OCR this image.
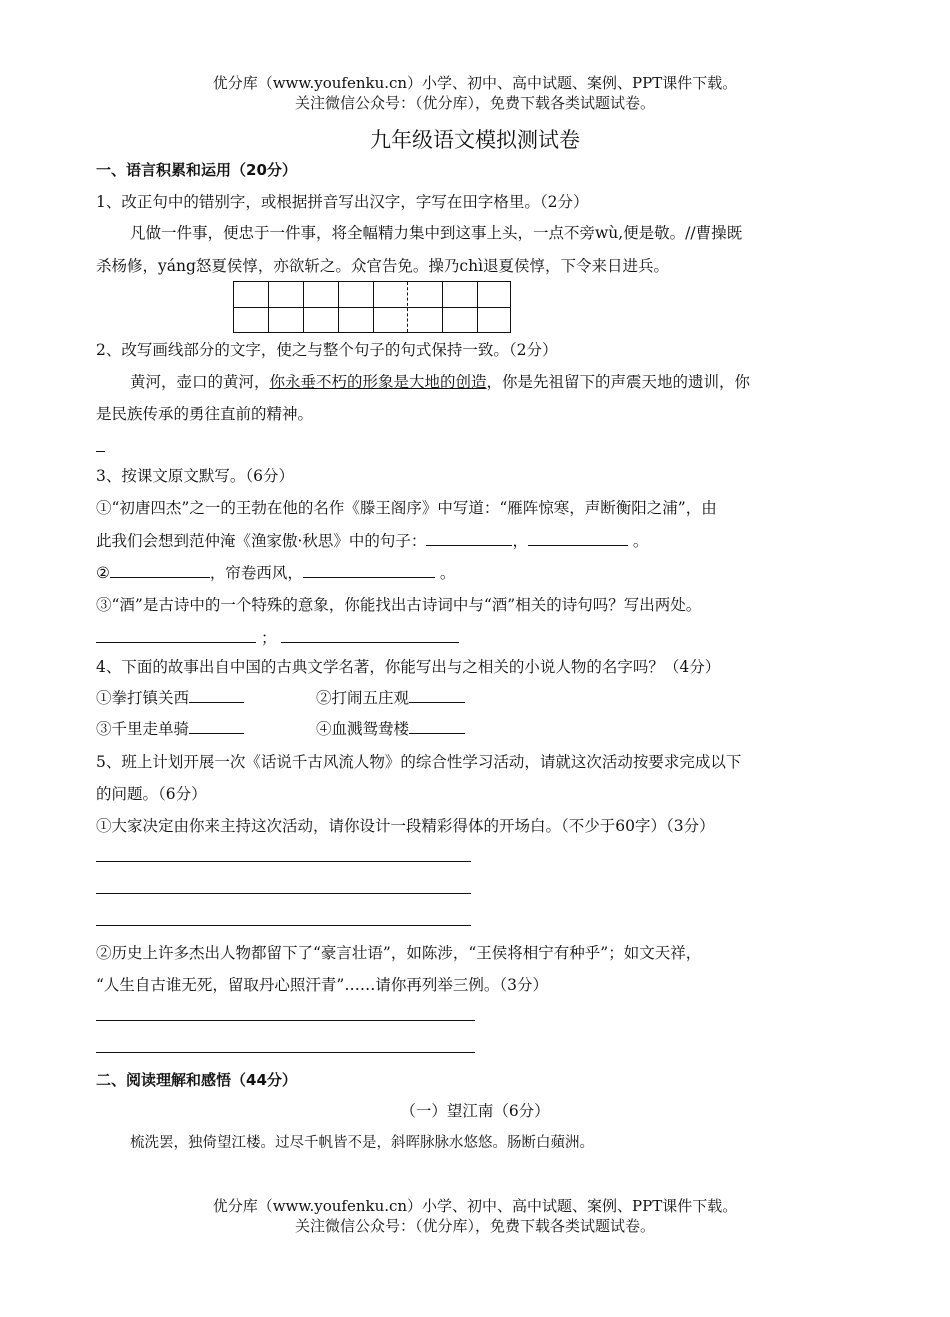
优分库（www.youfenku.cn）小学、初中、高中试题、案例、PPT课件下载。
关注微信公众号：（优分库），免费下载各类试题试卷。
九年级语文模拟测试卷
一、语言积累和运用（20分）
1、改正句中的错别字，或根据拼音写出汉字，字写在田字格里。（2分）
凡做一件事，便忠于一件事，将全幅精力集中到这事上头，一点不旁wù,便是敬。//曹操既
杀杨修，yáng怒夏侯惇，亦欲斩之。众官告免。操乃chì退夏侯惇，下令来日进兵。
2、改写画线部分的文字，使之与整个句子的句式保持一致。（2分）
黄河，壶口的黄河，你永垂不朽的形象是大地的创造，你是先祖留下的声震天地的遗训，你
是民族传承的勇往直前的精神。
3、按课文原文默写。（6分）
①“初唐四杰”之一的王勃在他的名作《滕王阁序》中写道：“雁阵惊寒，声断衡阳之浦”，由
此我们会想到范仲淹《渔家傲·秋思》中的句子：	，	。
②	，帘卷西风，	。
③“酒”是古诗中的一个特殊的意象，你能找出古诗词中与“酒”相关的诗句吗？写出两处。
；
4、下面的故事出自中国的古典文学名著，你能写出与之相关的小说人物的名字吗？（4分）
①拳打镇关西	②打闹五庄观
③千里走单骑	④血溅鸳鸯楼
5、班上计划开展一次《话说千古风流人物》的综合性学习活动，请就这次活动按要求完成以下
的问题。（6分）
①大家决定由你来主持这次活动，请你设计一段精彩得体的开场白。（不少于60字）（3分）
②历史上许多杰出人物都留下了“豪言壮语”，如陈涉，“王侯将相宁有种乎”；如文天祥，
“人生自古谁无死，留取丹心照汗青”……请你再列举三例。（3分）
二、阅读理解和感悟（44分）
（一）望江南（6分）
梳洗罢，独倚望江楼。过尽千帆皆不是，斜晖脉脉水悠悠。肠断白蘋洲。
优分库（www.youfenku.cn）小学、初中、高中试题、案例、PPT课件下载。
关注微信公众号：（优分库），免费下载各类试题试卷。
